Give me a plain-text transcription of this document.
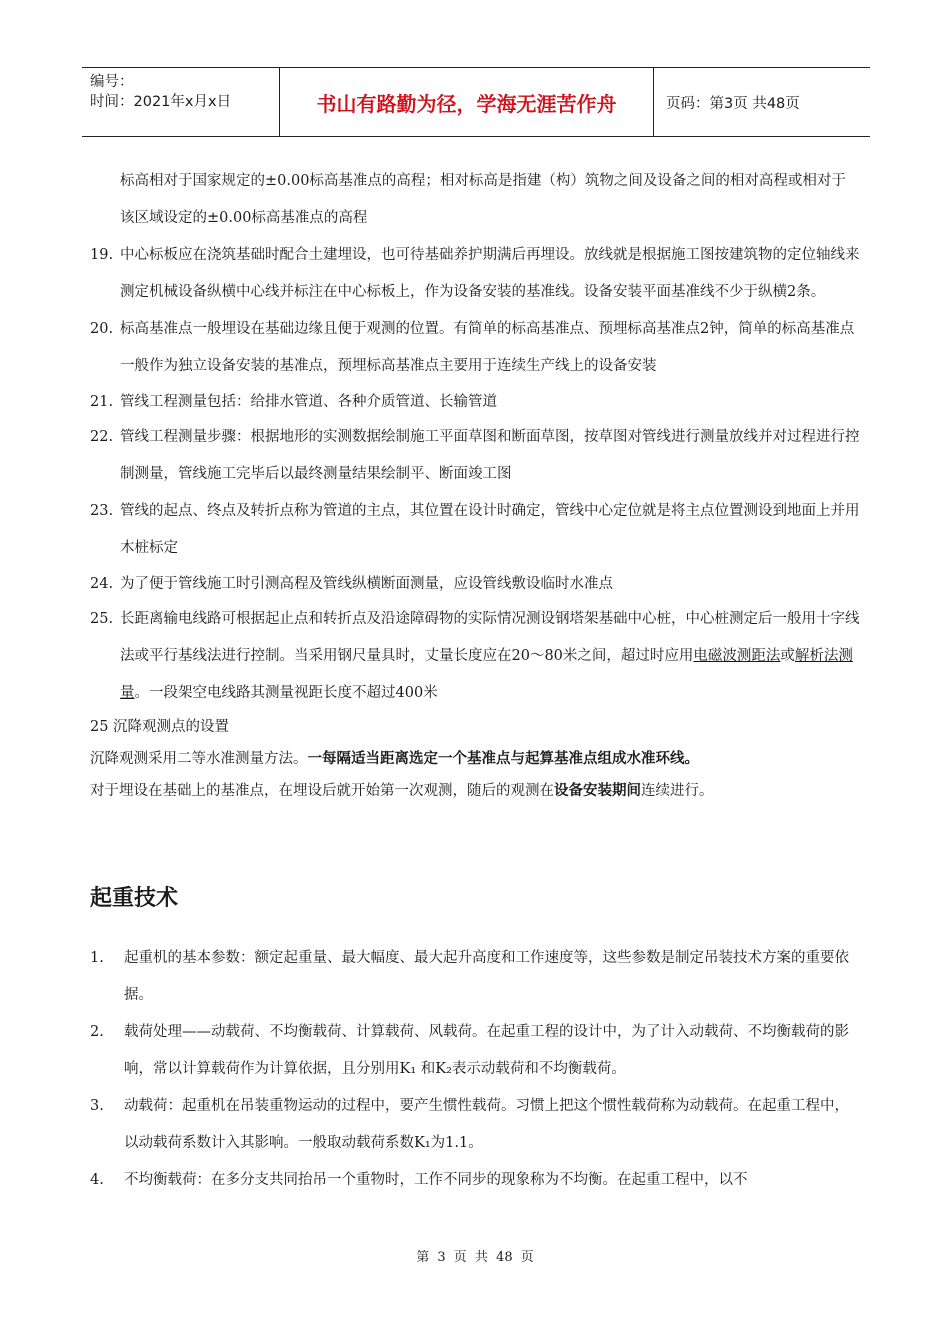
编号：
时间：2021年x月x日	书山有路勤为径，学海无涯苦作舟	页码：第3页 共48页

标高相对于国家规定的±0.00标高基准点的高程；相对标高是指建（构）筑物之间及设备之间的相对高程或相对于该区域设定的±0.00标高基准点的高程

19. 中心标板应在浇筑基础时配合土建埋设，也可待基础养护期满后再埋设。放线就是根据施工图按建筑物的定位轴线来测定机械设备纵横中心线并标注在中心标板上，作为设备安装的基准线。设备安装平面基准线不少于纵横2条。
20. 标高基准点一般埋设在基础边缘且便于观测的位置。有简单的标高基准点、预埋标高基准点2钟，简单的标高基准点一般作为独立设备安装的基准点，预埋标高基准点主要用于连续生产线上的设备安装
21. 管线工程测量包括：给排水管道、各种介质管道、长输管道
22. 管线工程测量步骤：根据地形的实测数据绘制施工平面草图和断面草图，按草图对管线进行测量放线并对过程进行控制测量，管线施工完毕后以最终测量结果绘制平、断面竣工图
23. 管线的起点、终点及转折点称为管道的主点，其位置在设计时确定，管线中心定位就是将主点位置测设到地面上并用木桩标定
24. 为了便于管线施工时引测高程及管线纵横断面测量，应设管线敷设临时水准点
25. 长距离输电线路可根据起止点和转折点及沿途障碍物的实际情况测设钢塔架基础中心桩，中心桩测定后一般用十字线法或平行基线法进行控制。当采用钢尺量具时，丈量长度应在20～80米之间，超过时应用电磁波测距法或解析法测量。一段架空电线路其测量视距长度不超过400米

25 沉降观测点的设置

沉降观测采用二等水准测量方法。一每隔适当距离选定一个基准点与起算基准点组成水准环线。

对于埋设在基础上的基准点，在埋设后就开始第一次观测，随后的观测在设备安装期间连续进行。

起重技术
1. 起重机的基本参数：额定起重量、最大幅度、最大起升高度和工作速度等，这些参数是制定吊装技术方案的重要依据。
2. 载荷处理——动载荷、不均衡载荷、计算载荷、风载荷。在起重工程的设计中，为了计入动载荷、不均衡载荷的影响，常以计算载荷作为计算依据，且分别用K₁ 和K₂表示动载荷和不均衡载荷。
3. 动载荷：起重机在吊装重物运动的过程中，要产生惯性载荷。习惯上把这个惯性载荷称为动载荷。在起重工程中，以动载荷系数计入其影响。一般取动载荷系数K₁为1.1。
4. 不均衡载荷：在多分支共同抬吊一个重物时，工作不同步的现象称为不均衡。在起重工程中，以不
第 3 页 共 48 页
